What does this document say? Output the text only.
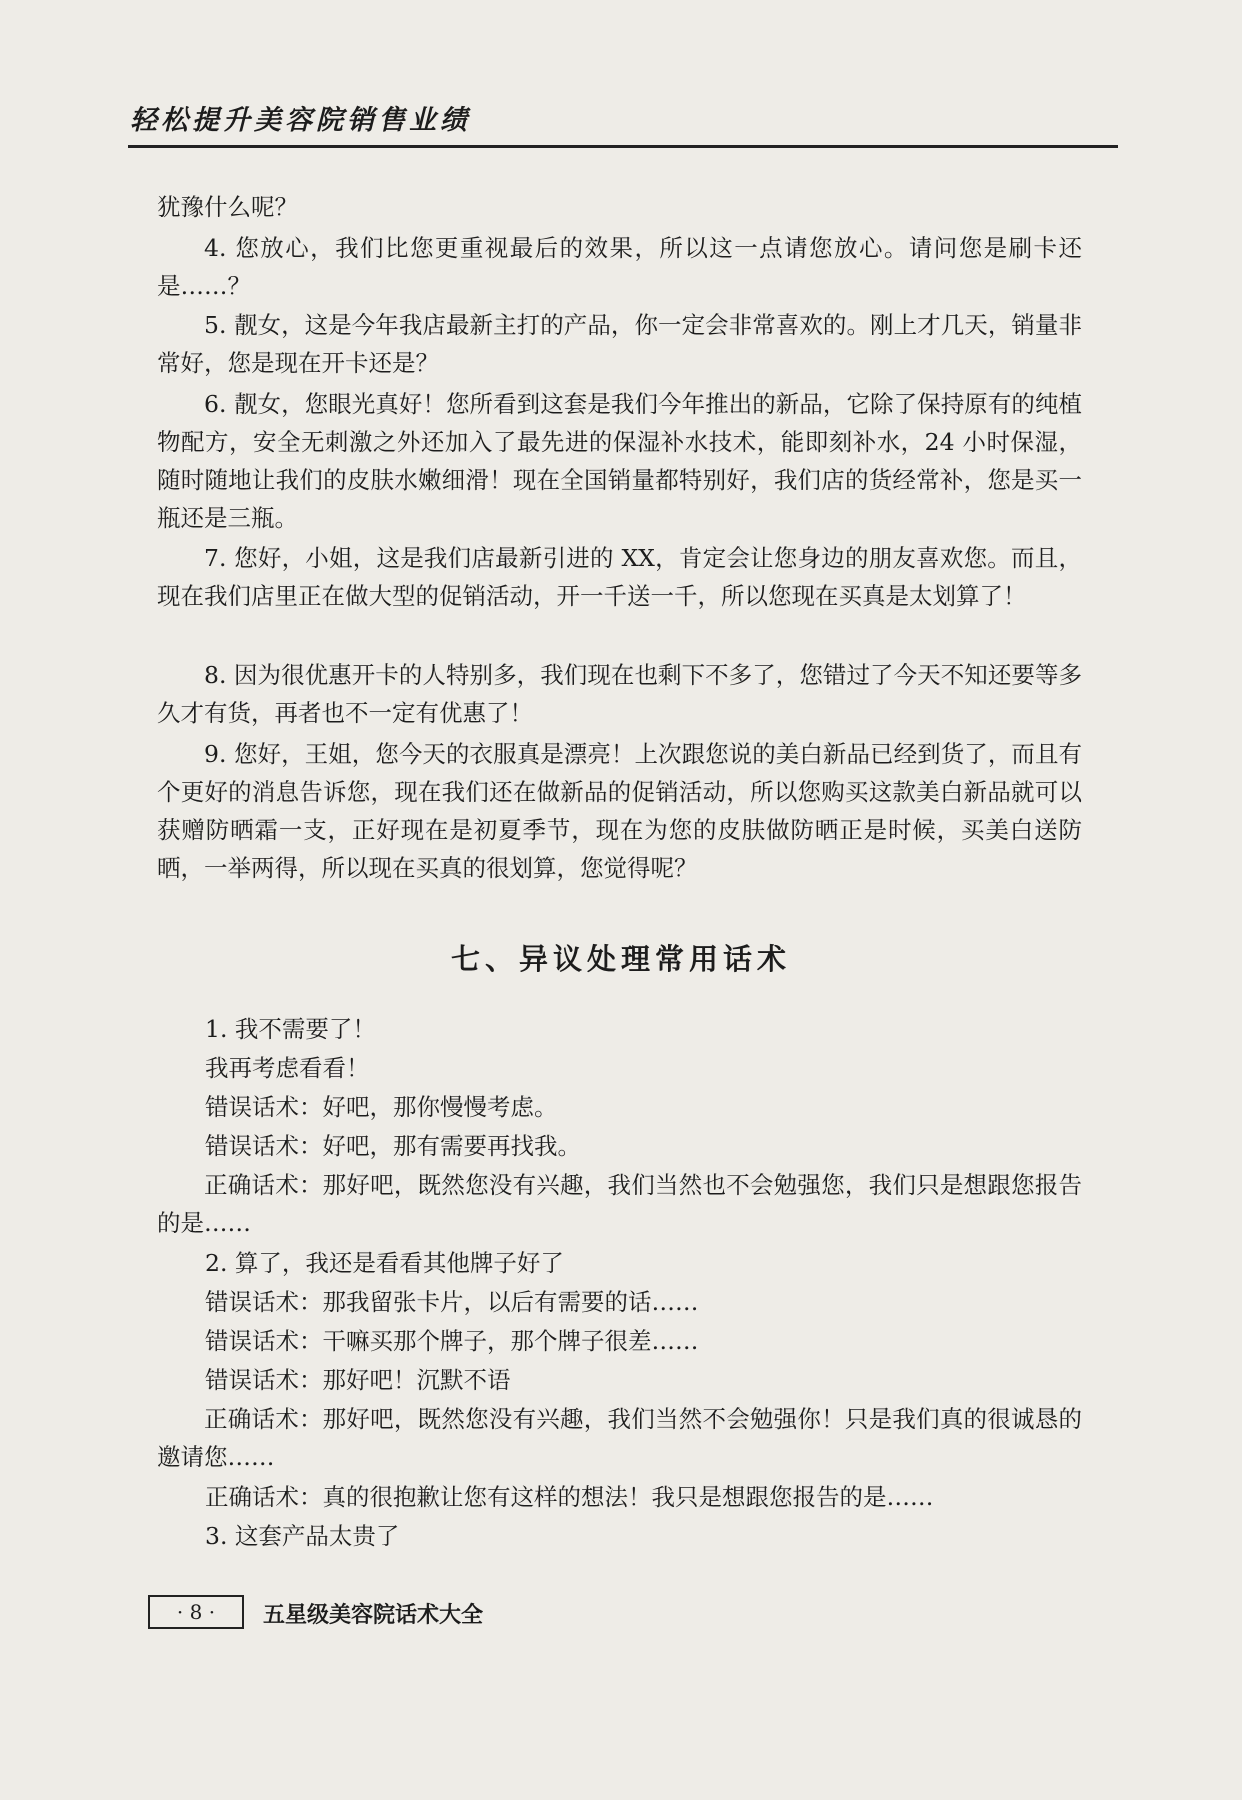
轻松提升美容院销售业绩

犹豫什么呢？

4. 您放心，我们比您更重视最后的效果，所以这一点请您放心。请问您是刷卡还是……？

5. 靓女，这是今年我店最新主打的产品，你一定会非常喜欢的。刚上才几天，销量非常好，您是现在开卡还是？

6. 靓女，您眼光真好！您所看到这套是我们今年推出的新品，它除了保持原有的纯植物配方，安全无刺激之外还加入了最先进的保湿补水技术，能即刻补水，24 小时保湿，随时随地让我们的皮肤水嫩细滑！现在全国销量都特别好，我们店的货经常补，您是买一瓶还是三瓶。

7. 您好，小姐，这是我们店最新引进的 XX，肯定会让您身边的朋友喜欢您。而且，现在我们店里正在做大型的促销活动，开一千送一千，所以您现在买真是太划算了！

8. 因为很优惠开卡的人特别多，我们现在也剩下不多了，您错过了今天不知还要等多久才有货，再者也不一定有优惠了！

9. 您好，王姐，您今天的衣服真是漂亮！上次跟您说的美白新品已经到货了，而且有个更好的消息告诉您，现在我们还在做新品的促销活动，所以您购买这款美白新品就可以获赠防晒霜一支，正好现在是初夏季节，现在为您的皮肤做防晒正是时候，买美白送防晒，一举两得，所以现在买真的很划算，您觉得呢？

七、异议处理常用话术

1. 我不需要了！

我再考虑看看！

错误话术：好吧，那你慢慢考虑。

错误话术：好吧，那有需要再找我。

正确话术：那好吧，既然您没有兴趣，我们当然也不会勉强您，我们只是想跟您报告的是……

2. 算了，我还是看看其他牌子好了

错误话术：那我留张卡片，以后有需要的话……

错误话术：干嘛买那个牌子，那个牌子很差……

错误话术：那好吧！沉默不语

正确话术：那好吧，既然您没有兴趣，我们当然不会勉强你！只是我们真的很诚恳的邀请您……

正确话术：真的很抱歉让您有这样的想法！我只是想跟您报告的是……

3. 这套产品太贵了

· 8 ·	五星级美容院话术大全
